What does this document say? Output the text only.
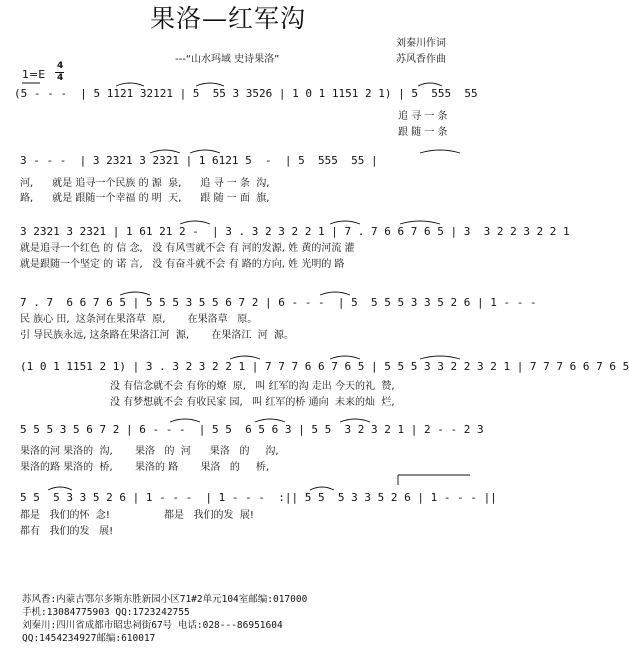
果洛—红军沟
---“山水玛域 史诗果洛”
刘秦川作词
苏风香作曲
1=E
4
4
(5 - - -  | 5 1121 32121 | 5  55 3 3526 | 1 0 1 1151 2 1) | 5  555  55
追 寻 一 条
跟 随 一 条
3 - - -  | 3 2321 3 2321 | 1 6121 5  -  | 5  555  55 |
河,      就是 追寻一个民族 的 源  泉,      追 寻 一 条  沟,
路,      就是 跟随一个幸福 的 明  天,      跟 随 一 面  旗,
3 2321 3 2321 | 1 61 21 2 -  | 3 . 3 2 3 2 2 1 | 7 . 7 6 6 7 6 5 | 3  3 2 2 3 2 2 1
就是追寻一个红色 的 信 念,   没 有风雪就不会 有 河的发源, 姓 黄的河流 灌
就是跟随一个坚定 的 诺 言,   没 有奋斗就不会 有 路的方向, 姓 光明的 路
7 . 7  6 6 7 6 5 | 5 5 5 3 5 5 6 7 2 | 6 - - -  | 5  5 5 5 3 3 5 2 6 | 1 - - -
民 族心 田,  这条河在果洛草  原,       在果洛草   原。
引 导民族永远, 这条路在果洛江河  源,       在果洛江  河  源。
(1 0 1 1151 2 1) | 3 . 3 2 3 2 2 1 | 7 7 7 6 6 7 6 5 | 5 5 5 3 3 2 2 3 2 1 | 7 7 7 6 6 7 6 5
没 有信念就不会 有你的燎  原,   叫 红军的沟 走出 今天的礼  赞,
没 有梦想就不会 有收民家 园,   叫 红军的桥 通向  未来的灿  烂,
5 5 5 3 5 6 7 2 | 6 - - -  | 5 5  6 5 6 3 | 5 5  3 2 3 2 1 | 2 - - 2 3
果洛的河 果洛的  沟,       果洛   的  河      果洛   的     沟,
果洛的路 果洛的  桥,       果洛的 路       果洛   的     桥,
5 5  5 3 3 5 2 6 | 1 - - -  | 1 - - -  :|| 5 5  5 3 3 5 2 6 | 1 - - - ||
都是   我们的怀  念!                 都是   我们的发  展!
都有   我们的发   展!
苏风香:内蒙古鄂尔多斯东胜新园小区71#2单元104室邮编:017000
手机:13084775903 QQ:1723242755
刘秦川:四川省成都市昭忠祠街67号 电话:028---86951604
QQ:1454234927邮编:610017
